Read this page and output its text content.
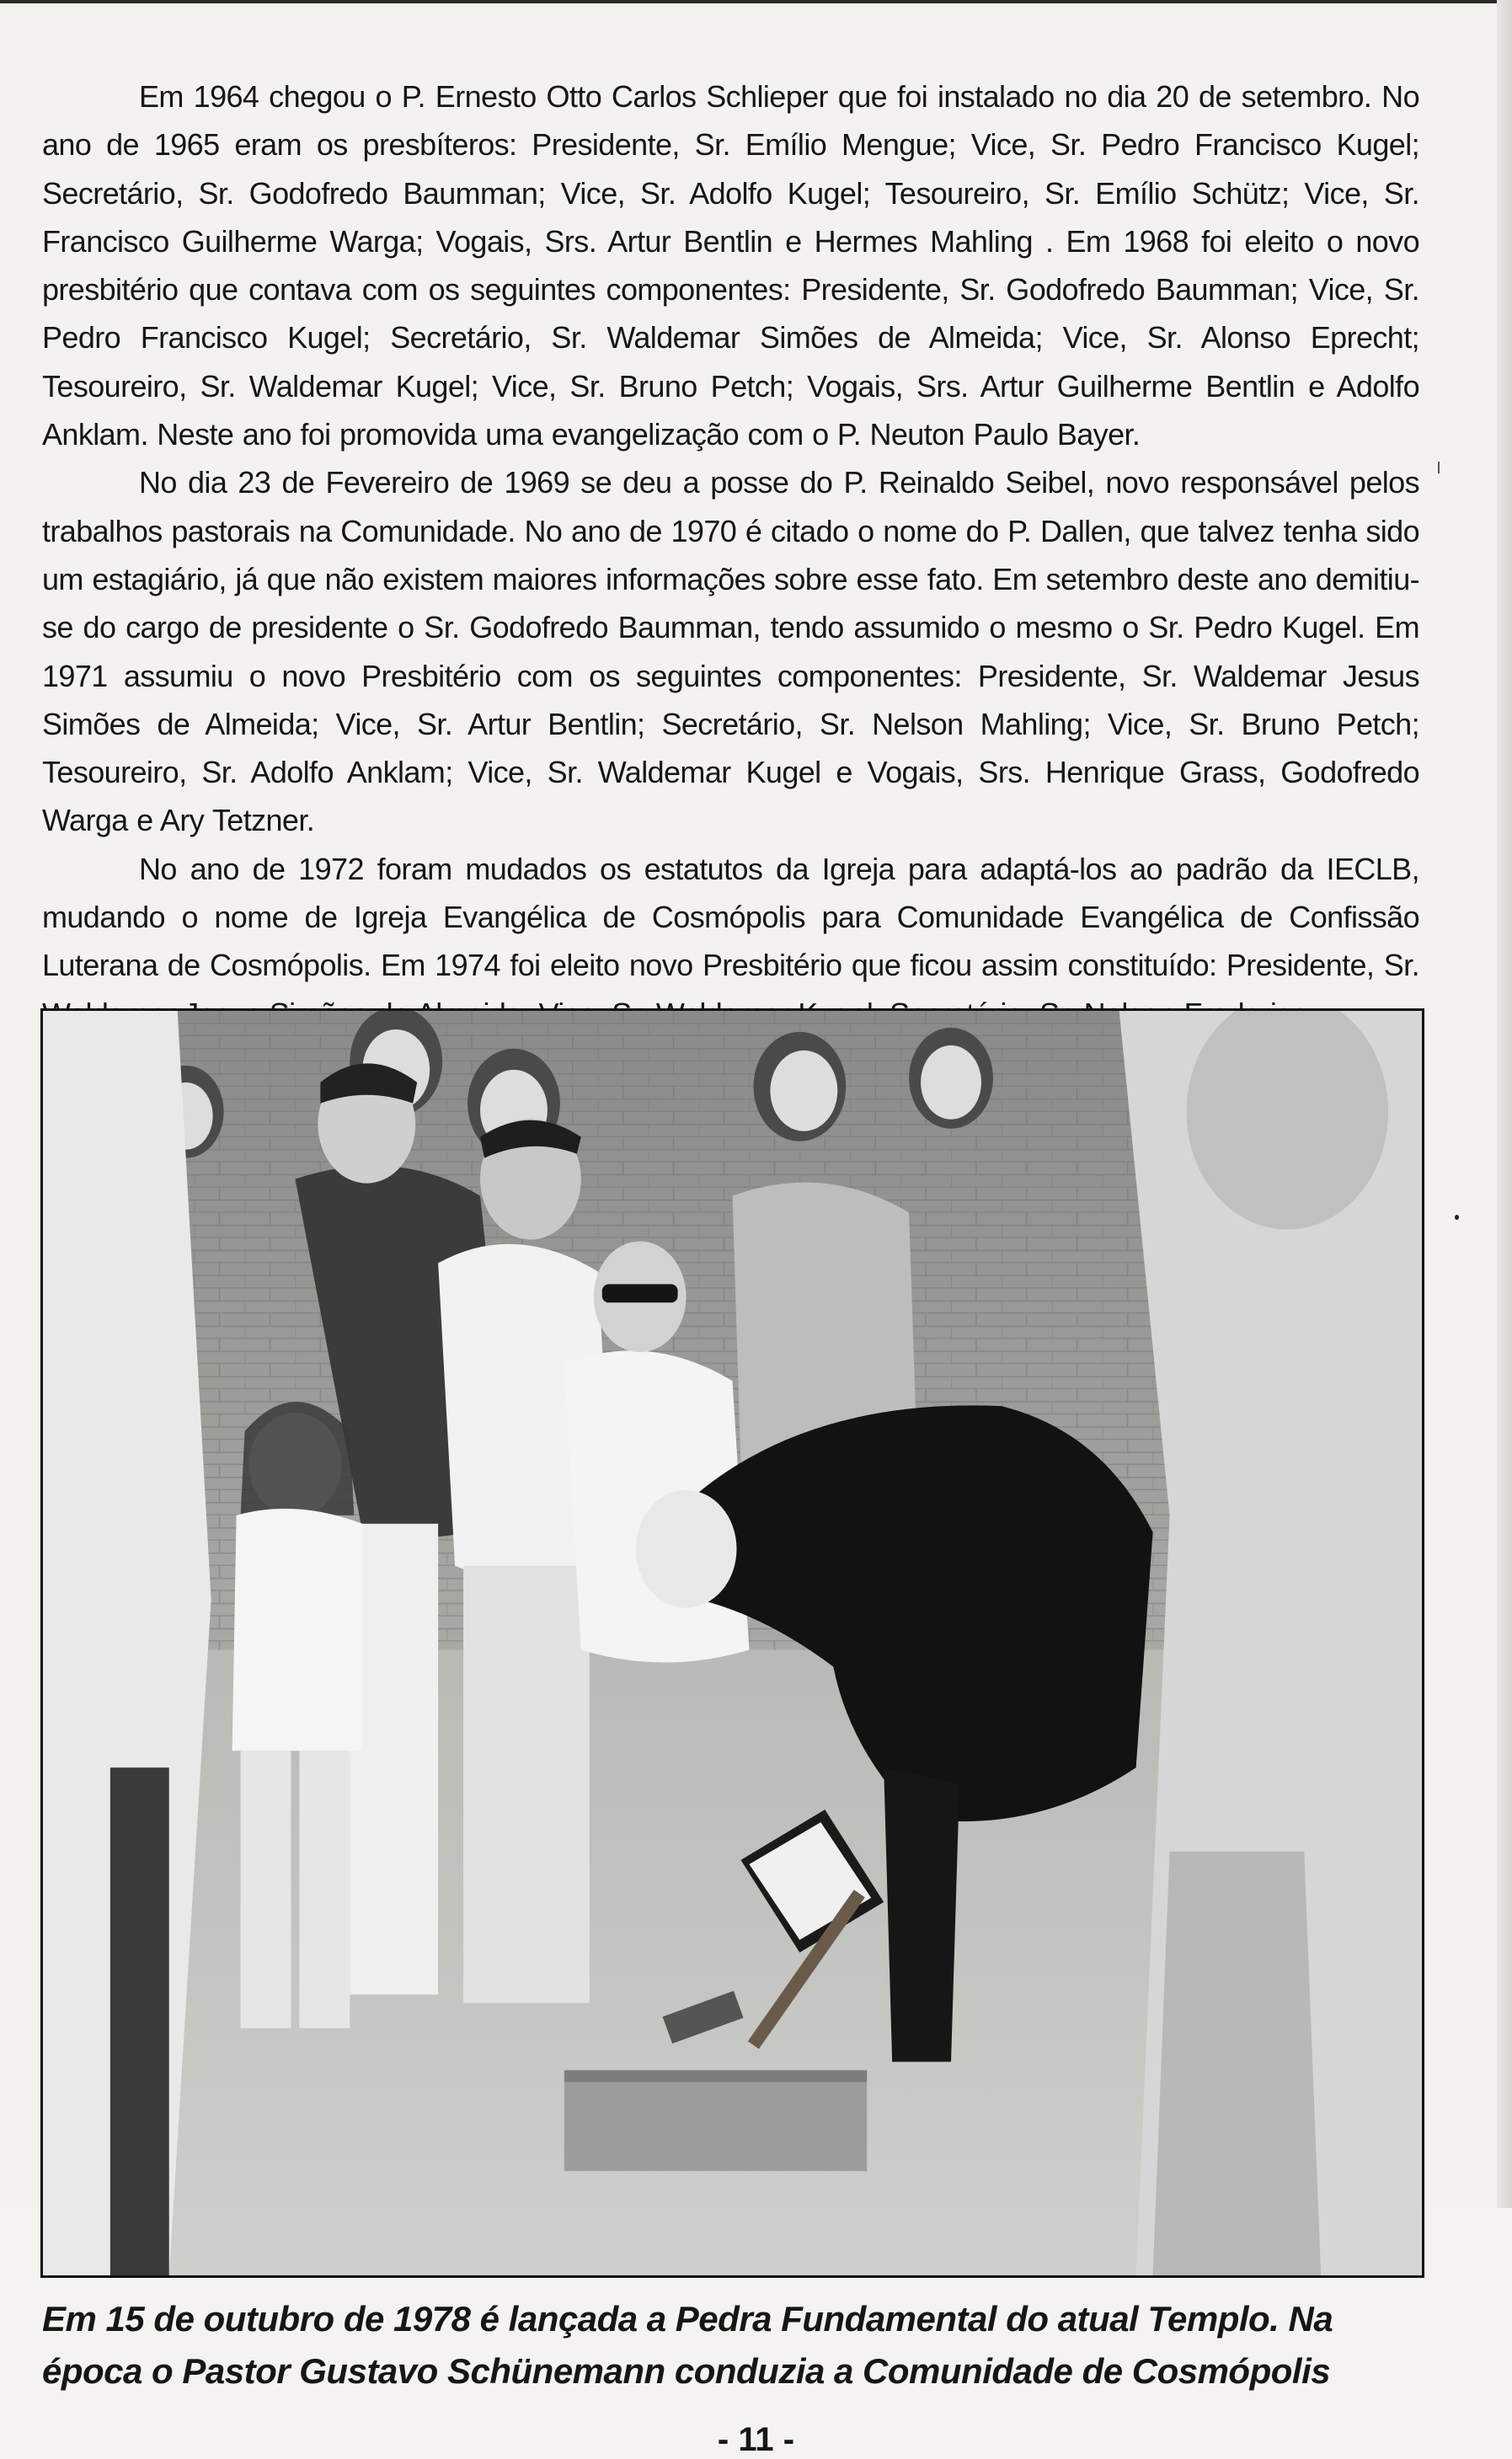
Em 1964 chegou o P. Ernesto Otto Carlos Schlieper que foi instalado no dia 20 de setembro. No ano de 1965 eram os presbíteros: Presidente, Sr. Emílio Mengue; Vice, Sr. Pedro Francisco Kugel; Secretário, Sr. Godofredo Baumman; Vice, Sr. Adolfo Kugel; Tesoureiro, Sr. Emílio Schütz; Vice, Sr. Francisco Guilherme Warga; Vogais, Srs. Artur Bentlin e Hermes Mahling . Em 1968 foi eleito o novo presbitério que contava com os seguintes componentes: Presidente, Sr. Godofredo Baumman; Vice, Sr. Pedro Francisco Kugel; Secretário, Sr. Waldemar Simões de Almeida; Vice, Sr. Alonso Eprecht; Tesoureiro, Sr. Waldemar Kugel; Vice, Sr. Bruno Petch; Vogais, Srs. Artur Guilherme Bentlin e Adolfo Anklam. Neste ano foi promovida uma evangelização com o P. Neuton Paulo Bayer.

No dia 23 de Fevereiro de 1969 se deu a posse do P. Reinaldo Seibel, novo responsável pelos trabalhos pastorais na Comunidade. No ano de 1970 é citado o nome do P. Dallen, que talvez tenha sido um estagiário, já que não existem maiores informações sobre esse fato. Em setembro deste ano demitiu-se do cargo de presidente o Sr. Godofredo Baumman, tendo assumido o mesmo o Sr. Pedro Kugel. Em 1971 assumiu o novo Presbitério com os seguintes componentes: Presidente, Sr. Waldemar Jesus Simões de Almeida; Vice, Sr. Artur Bentlin; Secretário, Sr. Nelson Mahling; Vice, Sr. Bruno Petch; Tesoureiro, Sr. Adolfo Anklam; Vice, Sr. Waldemar Kugel e Vogais, Srs. Henrique Grass, Godofredo Warga e Ary Tetzner.

No ano de 1972 foram mudados os estatutos da Igreja para adaptá-los ao padrão da IECLB, mudando o nome de Igreja Evangélica de Cosmópolis para Comunidade Evangélica de Confissão Luterana de Cosmópolis. Em 1974 foi eleito novo Presbitério que ficou assim constituído: Presidente, Sr.

Em 15 de outubro de 1978 é lançada a Pedra Fundamental do atual Templo. Na
época o Pastor Gustavo Schünemann conduzia a Comunidade de Cosmópolis
- 11 -
